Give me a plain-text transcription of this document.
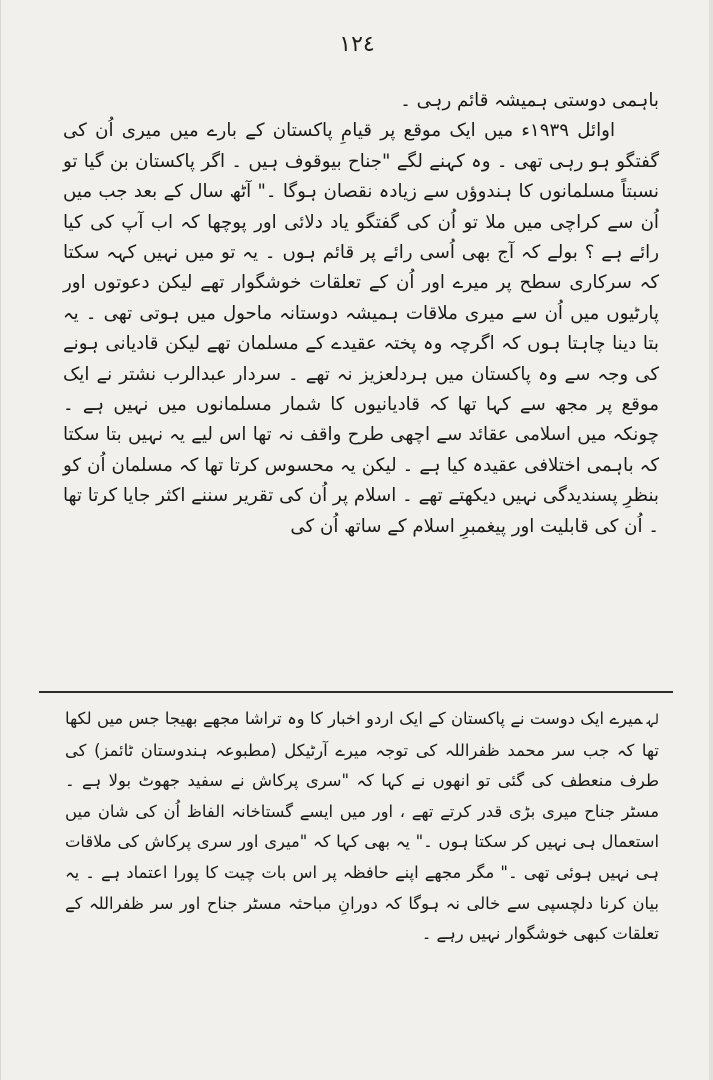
١٢٤

باہمی دوستی ہمیشہ قائم رہی ۔

اوائل ۱۹۳۹ء میں ایک موقع پر قیامِ پاکستان کے بارے میں میری اُن کی گفتگو ہو رہی تھی ۔ وہ کہنے لگے "جناح بیوقوف ہیں ۔ اگر پاکستان بن گیا تو نسبتاً مسلمانوں کا ہندوؤں سے زیادہ نقصان ہوگا ۔" آٹھ سال کے بعد جب میں اُن سے کراچی میں ملا تو اُن کی گفتگو یاد دلائی اور پوچھا کہ اب آپ کی کیا رائے ہے ؟ بولے کہ آج بھی اُسی رائے پر قائم ہوں ۔ یہ تو میں نہیں کہہ سکتا کہ سرکاری سطح پر میرے اور اُن کے تعلقات خوشگوار تھے لیکن دعوتوں اور پارٹیوں میں اُن سے میری ملاقات ہمیشہ دوستانہ ماحول میں ہوتی تھی ۔ یہ بتا دینا چاہتا ہوں کہ اگرچہ وہ پختہ عقیدے کے مسلمان تھے لیکن قادیانی ہونے کی وجہ سے وہ پاکستان میں ہردلعزیز نہ تھے ۔ سردار عبدالرب نشتر نے ایک موقع پر مجھ سے کہا تھا کہ قادیانیوں کا شمار مسلمانوں میں نہیں ہے ۔ چونکہ میں اسلامی عقائد سے اچھی طرح واقف نہ تھا اس لیے یہ نہیں بتا سکتا کہ باہمی اختلافی عقیدہ کیا ہے ۔ لیکن یہ محسوس کرتا تھا کہ مسلمان اُن کو بنظرِ پسندیدگی نہیں دیکھتے تھے ۔ اسلام پر اُن کی تقریر سننے اکثر جایا کرتا تھا ۔ اُن کی قابلیت اور پیغمبرِ اسلام کے ساتھ اُن کی

لہمیرے ایک دوست نے پاکستان کے ایک اردو اخبار کا وہ تراشا مجھے بھیجا جس میں لکھا تھا کہ جب سر محمد ظفراللہ کی توجہ میرے آرٹیکل (مطبوعہ ہندوستان ٹائمز) کی طرف منعطف کی گئی تو انھوں نے کہا کہ "سری پرکاش نے سفید جھوٹ بولا ہے ۔ مسٹر جناح میری بڑی قدر کرتے تھے ، اور میں ایسے گستاخانہ الفاظ اُن کی شان میں استعمال ہی نہیں کر سکتا ہوں ۔" یہ بھی کہا کہ "میری اور سری پرکاش کی ملاقات ہی نہیں ہوئی تھی ۔" مگر مجھے اپنے حافظہ پر اس بات چیت کا پورا اعتماد ہے ۔ یہ بیان کرنا دلچسپی سے خالی نہ ہوگا کہ دورانِ مباحثہ مسٹر جناح اور سر ظفراللہ کے تعلقات کبھی خوشگوار نہیں رہے ۔
